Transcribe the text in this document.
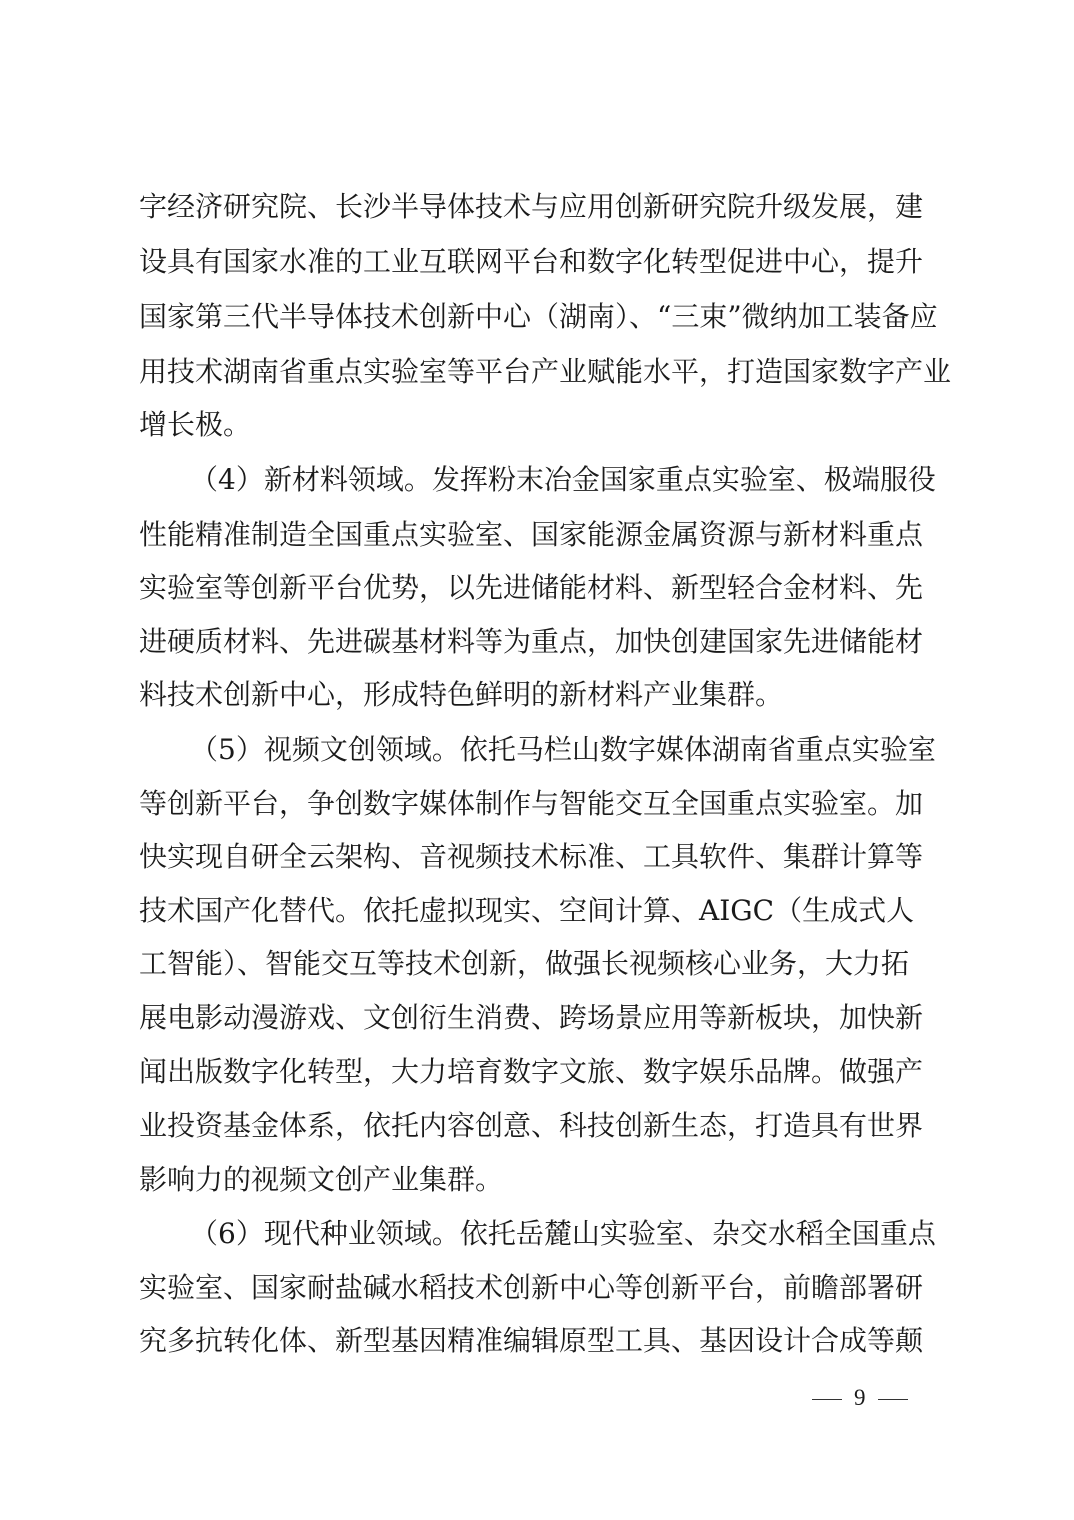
字经济研究院、长沙半导体技术与应用创新研究院升级发展，建
设具有国家水准的工业互联网平台和数字化转型促进中心，提升
国家第三代半导体技术创新中心（湖南）、“三束”微纳加工装备应
用技术湖南省重点实验室等平台产业赋能水平，打造国家数字产业
增长极。
（4）新材料领域。发挥粉末冶金国家重点实验室、极端服役
性能精准制造全国重点实验室、国家能源金属资源与新材料重点
实验室等创新平台优势，以先进储能材料、新型轻合金材料、先
进硬质材料、先进碳基材料等为重点，加快创建国家先进储能材
料技术创新中心，形成特色鲜明的新材料产业集群。
（5）视频文创领域。依托马栏山数字媒体湖南省重点实验室
等创新平台，争创数字媒体制作与智能交互全国重点实验室。加
快实现自研全云架构、音视频技术标准、工具软件、集群计算等
技术国产化替代。依托虚拟现实、空间计算、AIGC（生成式人
工智能）、智能交互等技术创新，做强长视频核心业务，大力拓
展电影动漫游戏、文创衍生消费、跨场景应用等新板块，加快新
闻出版数字化转型，大力培育数字文旅、数字娱乐品牌。做强产
业投资基金体系，依托内容创意、科技创新生态，打造具有世界
影响力的视频文创产业集群。
（6）现代种业领域。依托岳麓山实验室、杂交水稻全国重点
实验室、国家耐盐碱水稻技术创新中心等创新平台，前瞻部署研
究多抗转化体、新型基因精准编辑原型工具、基因设计合成等颠
9
